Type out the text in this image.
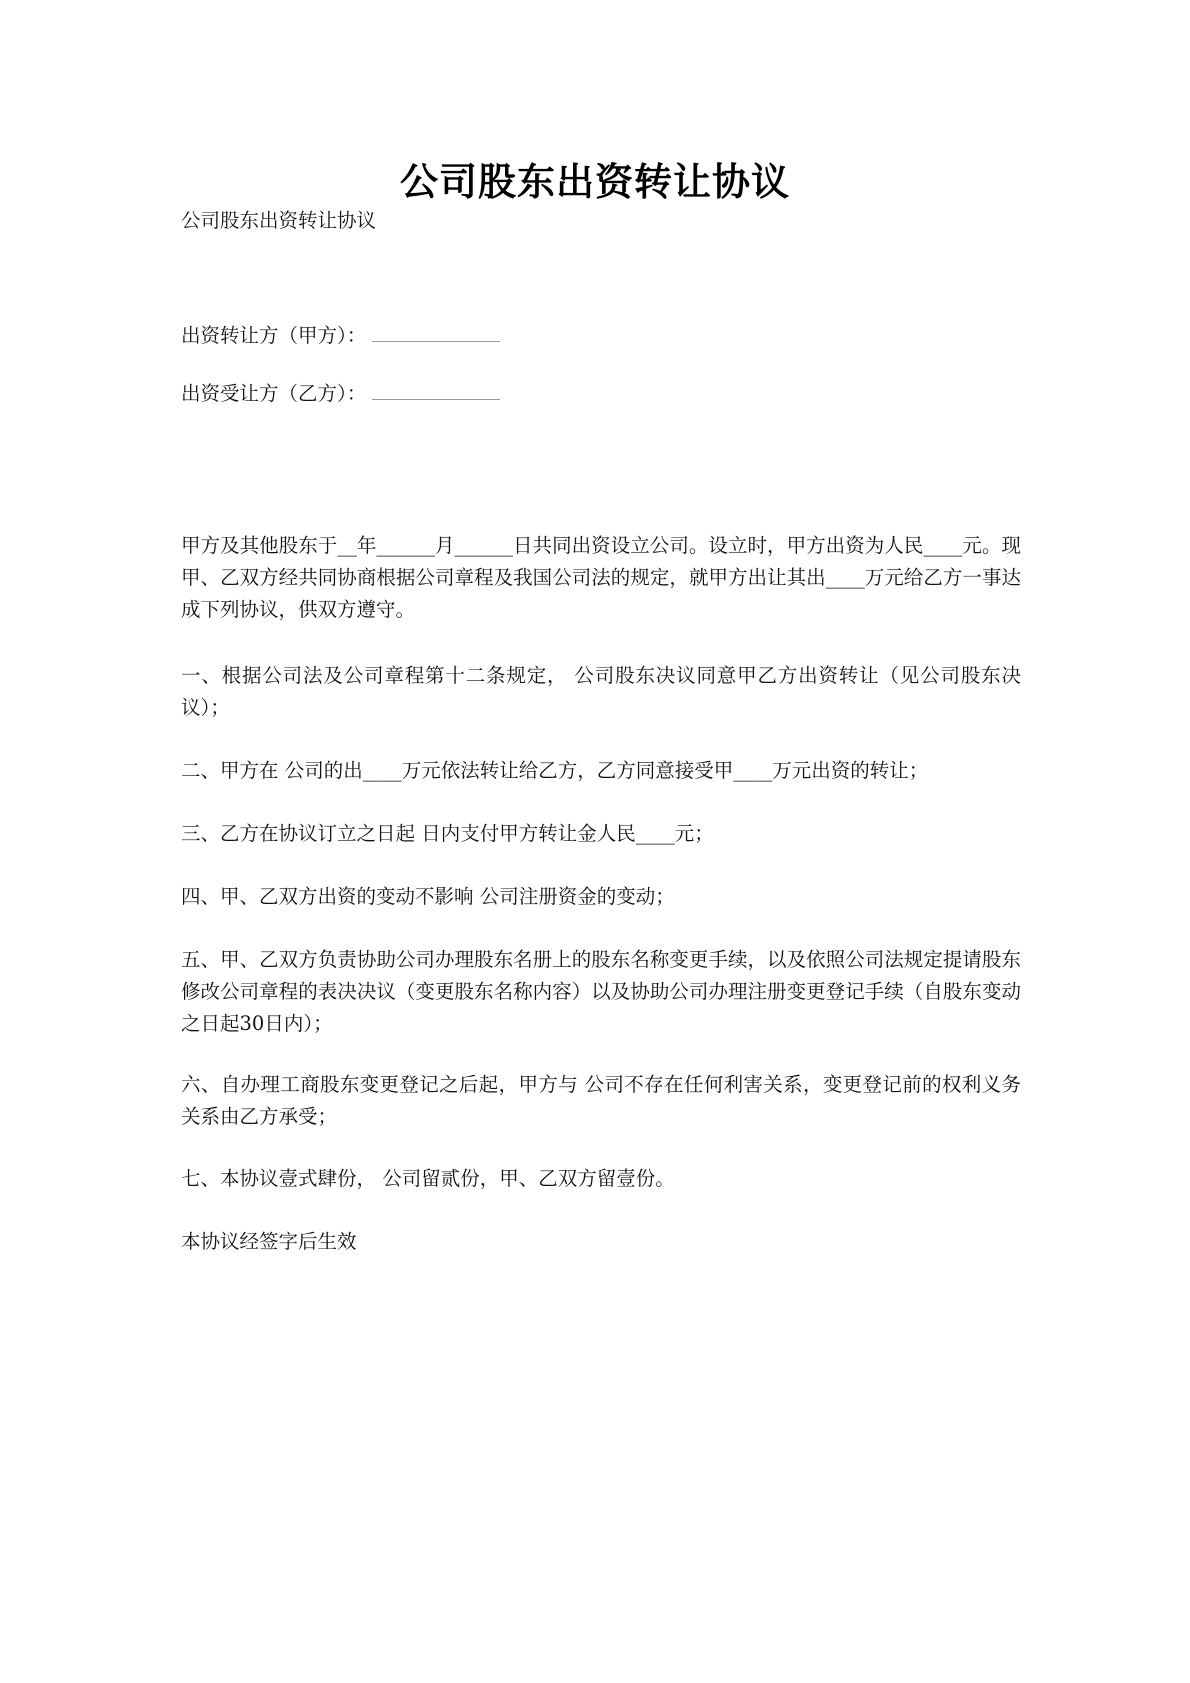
公司股东出资转让协议
公司股东出资转让协议
出资转让方（甲方）：
出资受让方（乙方）：
甲方及其他股东于__年______月______日共同出资设立公司。设立时，甲方出资为人民____元。现甲、乙双方经共同协商根据公司章程及我国公司法的规定，就甲方出让其出____万元给乙方一事达成下列协议，供双方遵守。
一、根据公司法及公司章程第十二条规定， 公司股东决议同意甲乙方出资转让（见公司股东决议）；
二、甲方在 公司的出____万元依法转让给乙方，乙方同意接受甲____万元出资的转让；
三、乙方在协议订立之日起 日内支付甲方转让金人民____元；
四、甲、乙双方出资的变动不影响 公司注册资金的变动；
五、甲、乙双方负责协助公司办理股东名册上的股东名称变更手续，以及依照公司法规定提请股东修改公司章程的表决决议（变更股东名称内容）以及协助公司办理注册变更登记手续（自股东变动之日起30日内）；
六、自办理工商股东变更登记之后起，甲方与 公司不存在任何利害关系，变更登记前的权利义务关系由乙方承受；
七、本协议壹式肆份， 公司留贰份，甲、乙双方留壹份。
本协议经签字后生效
